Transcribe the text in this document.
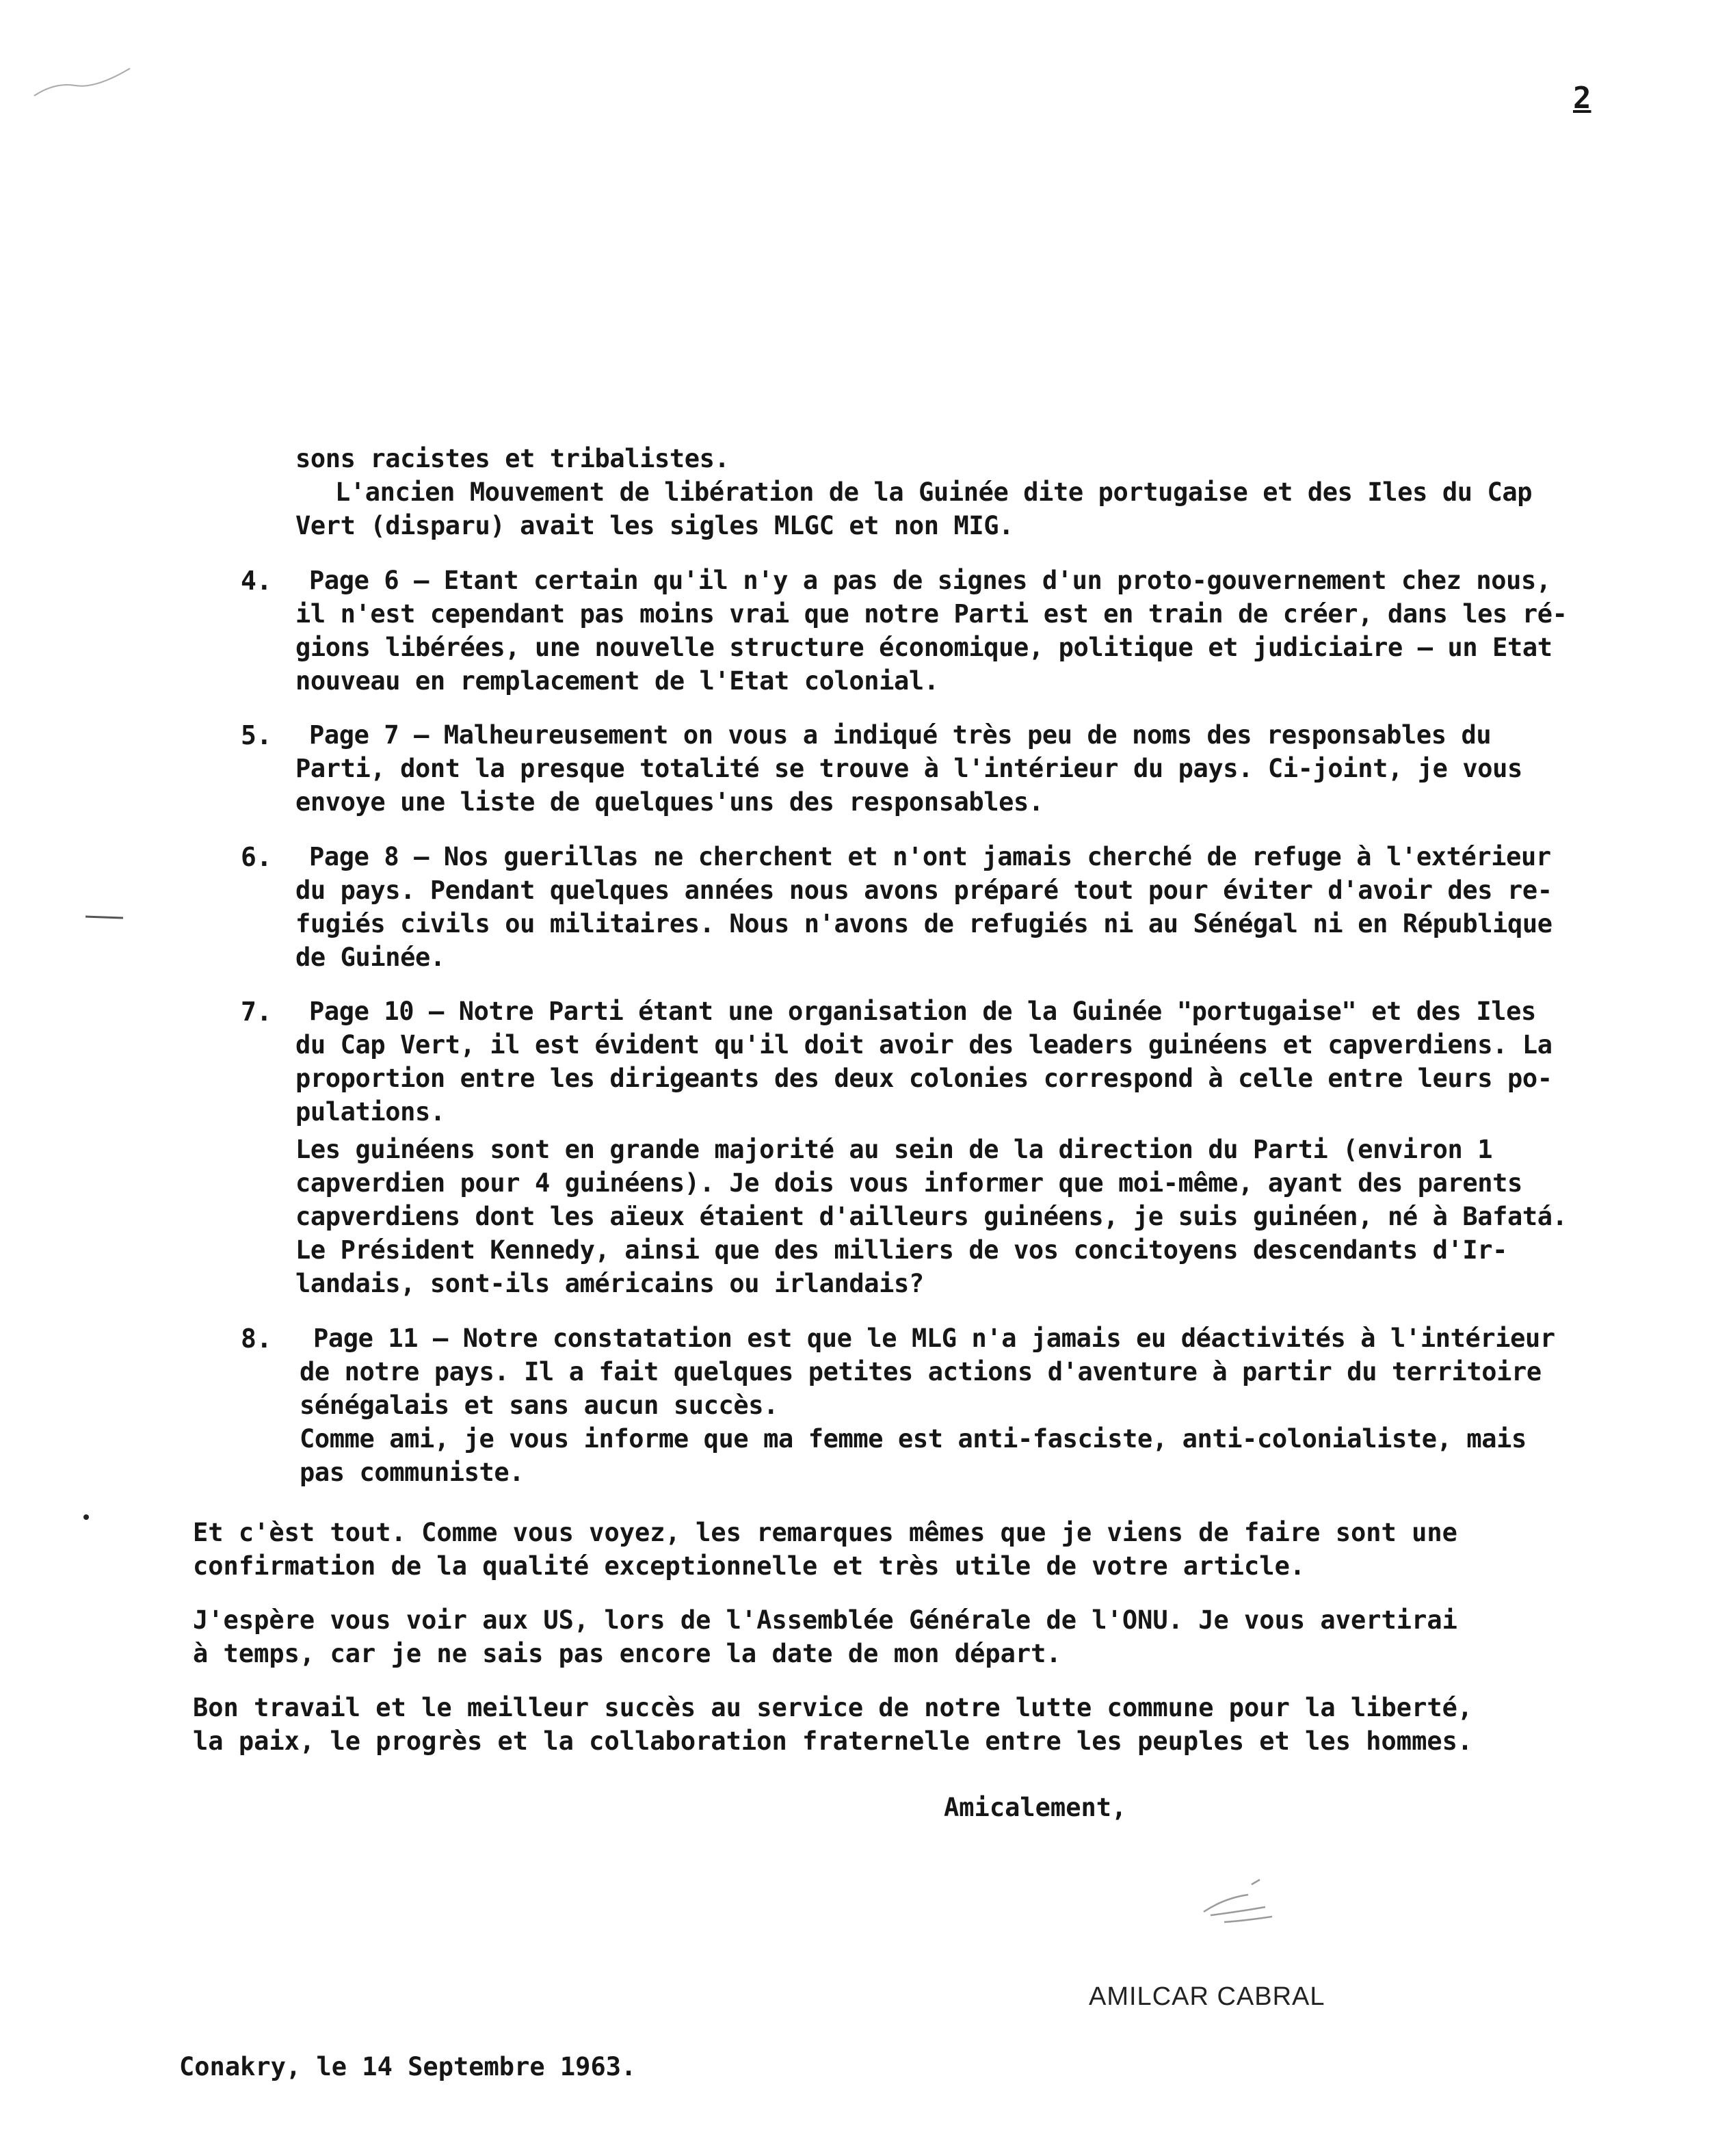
2
sons racistes et tribalistes.
L'ancien Mouvement de libération de la Guinée dite portugaise et des Iles du Cap
Vert (disparu) avait les sigles MLGC et non MIG.
4. Page 6 – Etant certain qu'il n'y a pas de signes d'un proto-gouvernement chez nous,
il n'est cependant pas moins vrai que notre Parti est en train de créer, dans les ré-
gions libérées, une nouvelle structure économique, politique et judiciaire – un Etat
nouveau en remplacement de l'Etat colonial.
5. Page 7 – Malheureusement on vous a indiqué très peu de noms des responsables du
Parti, dont la presque totalité se trouve à l'intérieur du pays. Ci-joint, je vous
envoye une liste de quelques'uns des responsables.
6. Page 8 – Nos guerillas ne cherchent et n'ont jamais cherché de refuge à l'extérieur
du pays. Pendant quelques années nous avons préparé tout pour éviter d'avoir des re-
fugiés civils ou militaires. Nous n'avons de refugiés ni au Sénégal ni en République
de Guinée.
7. Page 10 – Notre Parti étant une organisation de la Guinée "portugaise" et des Iles
du Cap Vert, il est évident qu'il doit avoir des leaders guinéens et capverdiens. La
proportion entre les dirigeants des deux colonies correspond à celle entre leurs po-
pulations.
Les guinéens sont en grande majorité au sein de la direction du Parti (environ 1
capverdien pour 4 guinéens). Je dois vous informer que moi-même, ayant des parents
capverdiens dont les aïeux étaient d'ailleurs guinéens, je suis guinéen, né à Bafatá.
Le Président Kennedy, ainsi que des milliers de vos concitoyens descendants d'Ir-
landais, sont-ils américains ou irlandais?
8. Page 11 – Notre constatation est que le MLG n'a jamais eu déactivités à l'intérieur
de notre pays. Il a fait quelques petites actions d'aventure à partir du territoire
sénégalais et sans aucun succès.
Comme ami, je vous informe que ma femme est anti-fasciste, anti-colonialiste, mais
pas communiste.
Et c'èst tout. Comme vous voyez, les remarques mêmes que je viens de faire sont une
confirmation de la qualité exceptionnelle et très utile de votre article.
J'espère vous voir aux US, lors de l'Assemblée Générale de l'ONU. Je vous avertirai
à temps, car je ne sais pas encore la date de mon départ.
Bon travail et le meilleur succès au service de notre lutte commune pour la liberté,
la paix, le progrès et la collaboration fraternelle entre les peuples et les hommes.
Amicalement,
AMILCAR CABRAL
Conakry, le 14 Septembre 1963.
